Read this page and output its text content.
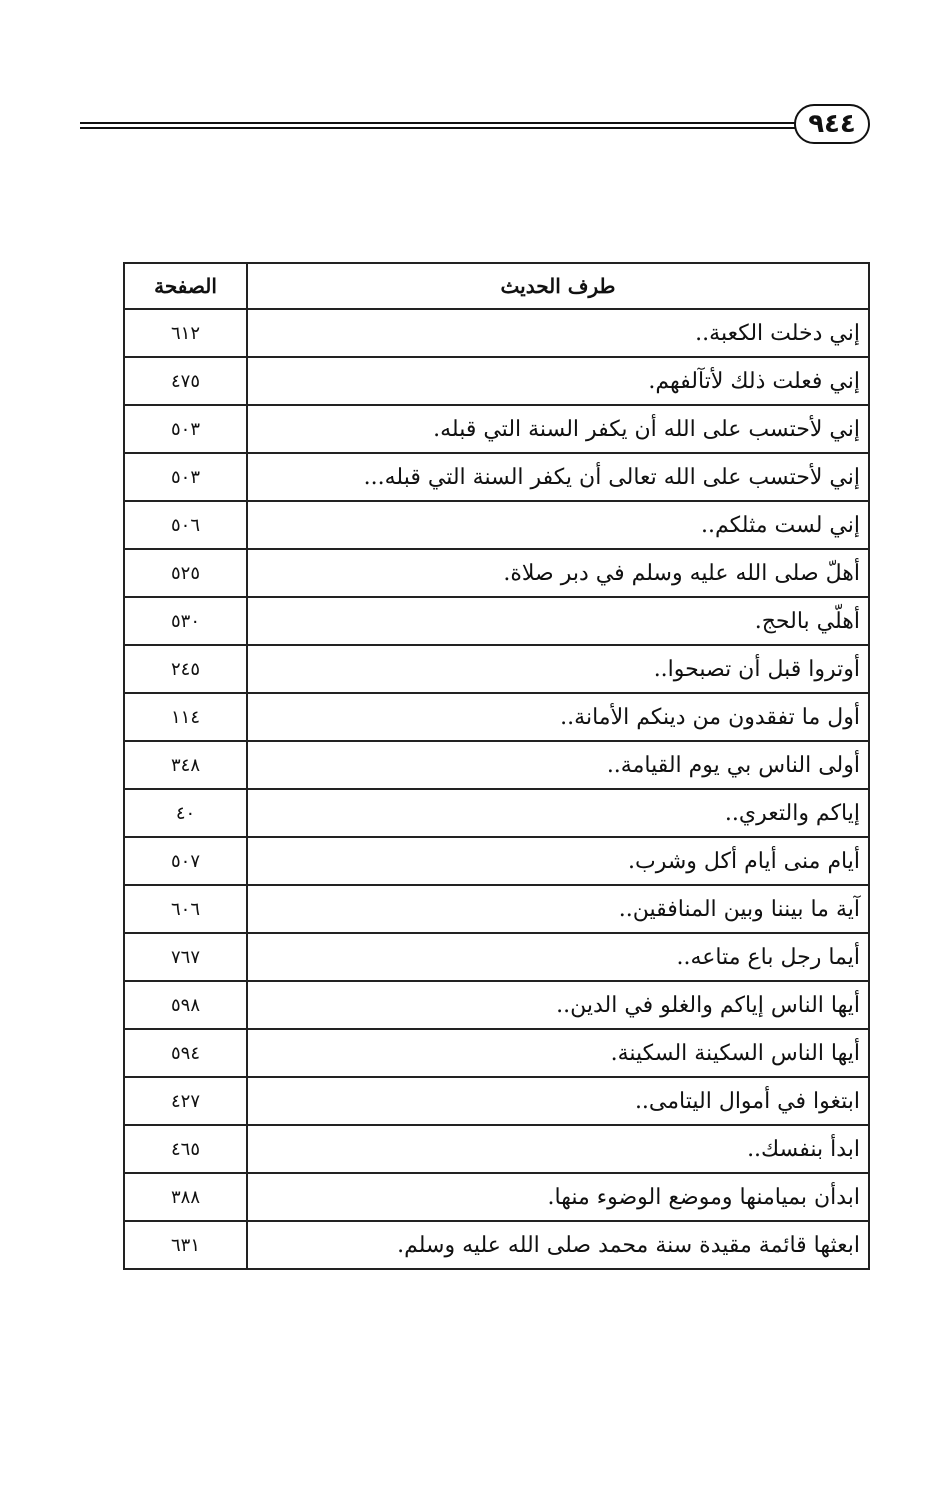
٩٤٤
طرف الحديث	الصفحة
إني دخلت الكعبة..	٦١٢
إني فعلت ذلك لأتآلفهم.	٤٧٥
إني لأحتسب على الله أن يكفر السنة التي قبله.	٥٠٣
إني لأحتسب على الله تعالى أن يكفر السنة التي قبله...	٥٠٣
إني لست مثلكم..	٥٠٦
أهلّ صلى الله عليه وسلم في دبر صلاة.	٥٢٥
أهلّي بالحج.	٥٣٠
أوتروا قبل أن تصبحوا..	٢٤٥
أول ما تفقدون من دينكم الأمانة..	١١٤
أولى الناس بي يوم القيامة..	٣٤٨
إياكم والتعري..	٤٠
أيام منى أيام أكل وشرب.	٥٠٧
آية ما بيننا وبين المنافقين..	٦٠٦
أيما رجل باع متاعه..	٧٦٧
أيها الناس إياكم والغلو في الدين..	٥٩٨
أيها الناس السكينة السكينة.	٥٩٤
ابتغوا في أموال اليتامى..	٤٢٧
ابدأ بنفسك..	٤٦٥
ابدأن بميامنها وموضع الوضوء منها.	٣٨٨
ابعثها قائمة مقيدة سنة محمد صلى الله عليه وسلم.	٦٣١
